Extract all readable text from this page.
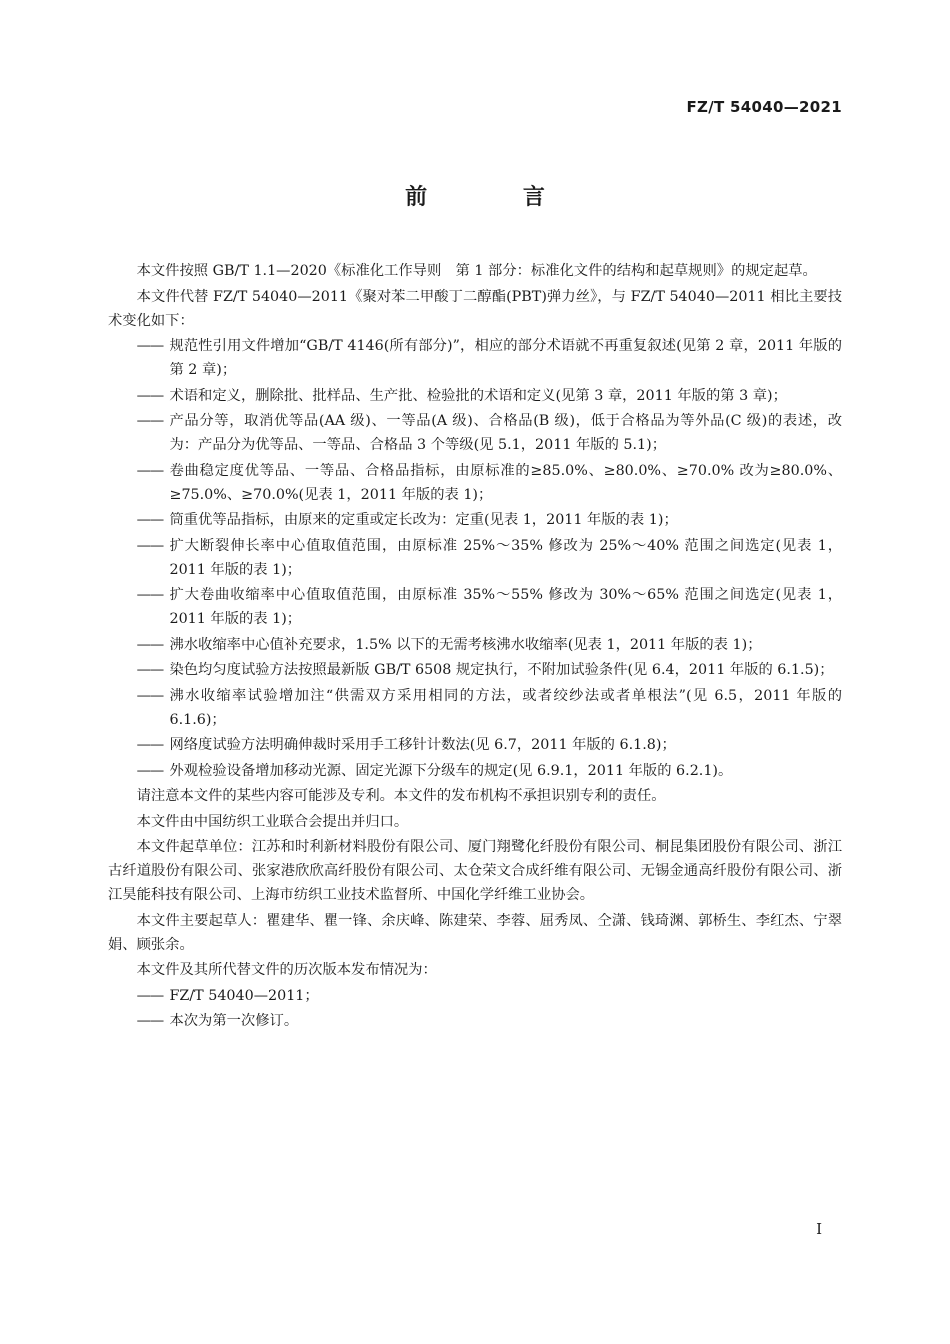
FZ/T 54040—2021
前 言

本文件按照 GB/T 1.1—2020《标准化工作导则　第 1 部分：标准化文件的结构和起草规则》的规定起草。

本文件代替 FZ/T 54040—2011《聚对苯二甲酸丁二醇酯(PBT)弹力丝》，与 FZ/T 54040—2011 相比主要技术变化如下：

—— 规范性引用文件增加“GB/T 4146(所有部分)”，相应的部分术语就不再重复叙述(见第 2 章，2011 年版的第 2 章)；
—— 术语和定义，删除批、批样品、生产批、检验批的术语和定义(见第 3 章，2011 年版的第 3 章)；
—— 产品分等，取消优等品(AA 级)、一等品(A 级)、合格品(B 级)，低于合格品为等外品(C 级)的表述，改为：产品分为优等品、一等品、合格品 3 个等级(见 5.1，2011 年版的 5.1)；
—— 卷曲稳定度优等品、一等品、合格品指标，由原标准的≥85.0%、≥80.0%、≥70.0% 改为≥80.0%、≥75.0%、≥70.0%(见表 1，2011 年版的表 1)；
—— 筒重优等品指标，由原来的定重或定长改为：定重(见表 1，2011 年版的表 1)；
—— 扩大断裂伸长率中心值取值范围，由原标准 25%～35% 修改为 25%～40% 范围之间选定(见表 1，2011 年版的表 1)；
—— 扩大卷曲收缩率中心值取值范围，由原标准 35%～55% 修改为 30%～65% 范围之间选定(见表 1，2011 年版的表 1)；
—— 沸水收缩率中心值补充要求，1.5% 以下的无需考核沸水收缩率(见表 1，2011 年版的表 1)；
—— 染色均匀度试验方法按照最新版 GB/T 6508 规定执行，不附加试验条件(见 6.4，2011 年版的 6.1.5)；
—— 沸水收缩率试验增加注“供需双方采用相同的方法，或者绞纱法或者单根法”(见 6.5，2011 年版的 6.1.6)；
—— 网络度试验方法明确伸裁时采用手工移针计数法(见 6.7，2011 年版的 6.1.8)；
—— 外观检验设备增加移动光源、固定光源下分级车的规定(见 6.9.1，2011 年版的 6.2.1)。

请注意本文件的某些内容可能涉及专利。本文件的发布机构不承担识别专利的责任。

本文件由中国纺织工业联合会提出并归口。

本文件起草单位：江苏和时利新材料股份有限公司、厦门翔鹭化纤股份有限公司、桐昆集团股份有限公司、浙江古纤道股份有限公司、张家港欣欣高纤股份有限公司、太仓荣文合成纤维有限公司、无锡金通高纤股份有限公司、浙江昊能科技有限公司、上海市纺织工业技术监督所、中国化学纤维工业协会。

本文件主要起草人：瞿建华、瞿一锋、余庆峰、陈建荣、李蓉、屈秀凤、仝潇、钱琦渊、郭桥生、李红杰、宁翠娟、顾张余。

本文件及其所代替文件的历次版本发布情况为：

—— FZ/T 54040—2011；
—— 本次为第一次修订。
I
